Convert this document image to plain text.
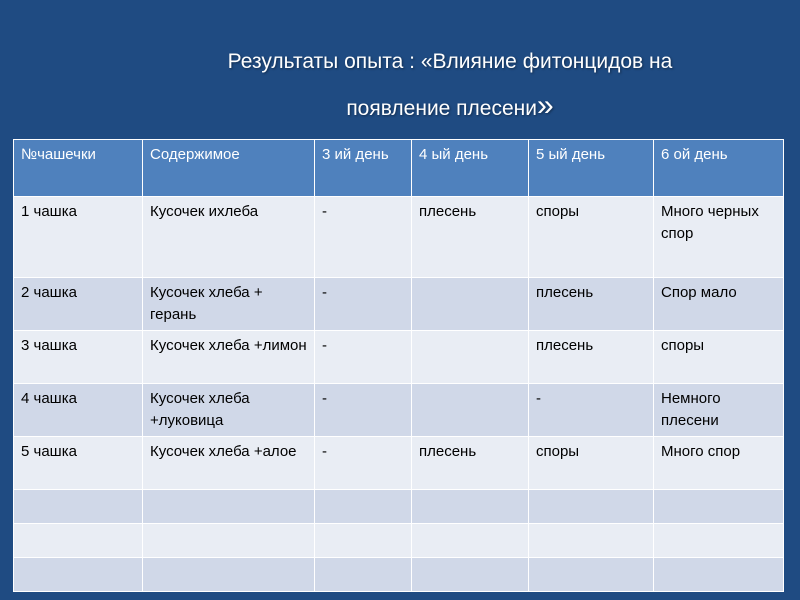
Результаты опыта : «Влияние фитонцидов на
появление плесени»
№чашечки	Содержимое	3 ий день	4 ый день	5 ый день	6 ой день
1 чашка	Кусочек ихлеба	-	плесень	споры	Много черных спор
2 чашка	Кусочек хлеба + герань	-		плесень	Спор мало
3 чашка	Кусочек хлеба +лимон	-		плесень	споры
4 чашка	Кусочек хлеба +луковица	-		-	Немного плесени
5 чашка	Кусочек хлеба +алое	-	плесень	споры	Много спор
